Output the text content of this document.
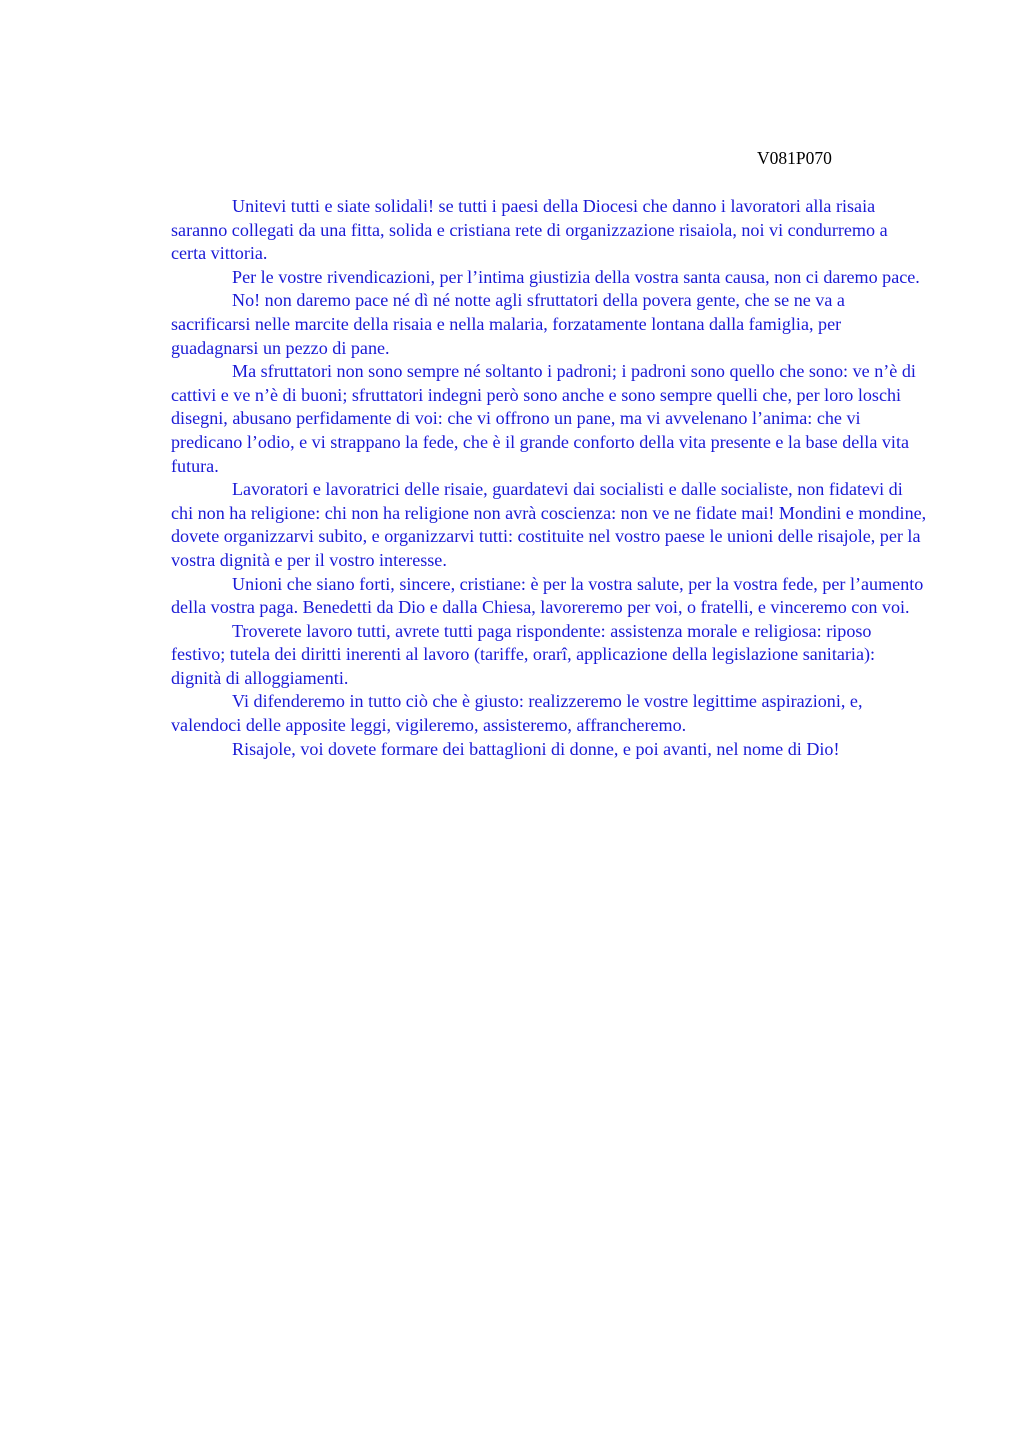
V081P070

Unitevi tutti e siate solidali! se tutti i paesi della Diocesi che danno i lavoratori alla risaia saranno collegati da una fitta, solida e cristiana rete di organizzazione risaiola, noi vi condurremo a certa vittoria.

Per le vostre rivendicazioni, per l’intima giustizia della vostra santa causa, non ci daremo pace.

No! non daremo pace né dì né notte agli sfruttatori della povera gente, che se ne va a sacrificarsi nelle marcite della risaia e nella malaria, forzatamente lontana dalla famiglia, per guadagnarsi un pezzo di pane.

Ma sfruttatori non sono sempre né soltanto i padroni; i padroni sono quello che sono: ve n’è di cattivi e ve n’è di buoni; sfruttatori indegni però sono anche e sono sempre quelli che, per loro loschi disegni, abusano perfidamente di voi: che vi offrono un pane, ma vi avvelenano l’anima: che vi predicano l’odio, e vi strappano la fede, che è il grande conforto della vita presente e la base della vita futura.

Lavoratori e lavoratrici delle risaie, guardatevi dai socialisti e dalle socialiste, non fidatevi di chi non ha religione: chi non ha religione non avrà coscienza: non ve ne fidate mai! Mondini e mondine, dovete organizzarvi subito, e organizzarvi tutti: costituite nel vostro paese le unioni delle risajole, per la vostra dignità e per il vostro interesse.

Unioni che siano forti, sincere, cristiane: è per la vostra salute, per la vostra fede, per l’aumento della vostra paga. Benedetti da Dio e dalla Chiesa, lavoreremo per voi, o fratelli, e vinceremo con voi.

Troverete lavoro tutti, avrete tutti paga rispondente: assistenza morale e religiosa: riposo festivo; tutela dei diritti inerenti al lavoro (tariffe, orarî, applicazione della legislazione sanitaria): dignità di alloggiamenti.

Vi difenderemo in tutto ciò che è giusto: realizzeremo le vostre legittime aspirazioni, e, valendoci delle apposite leggi, vigileremo, assisteremo, affrancheremo.

Risajole, voi dovete formare dei battaglioni di donne, e poi avanti, nel nome di Dio!
